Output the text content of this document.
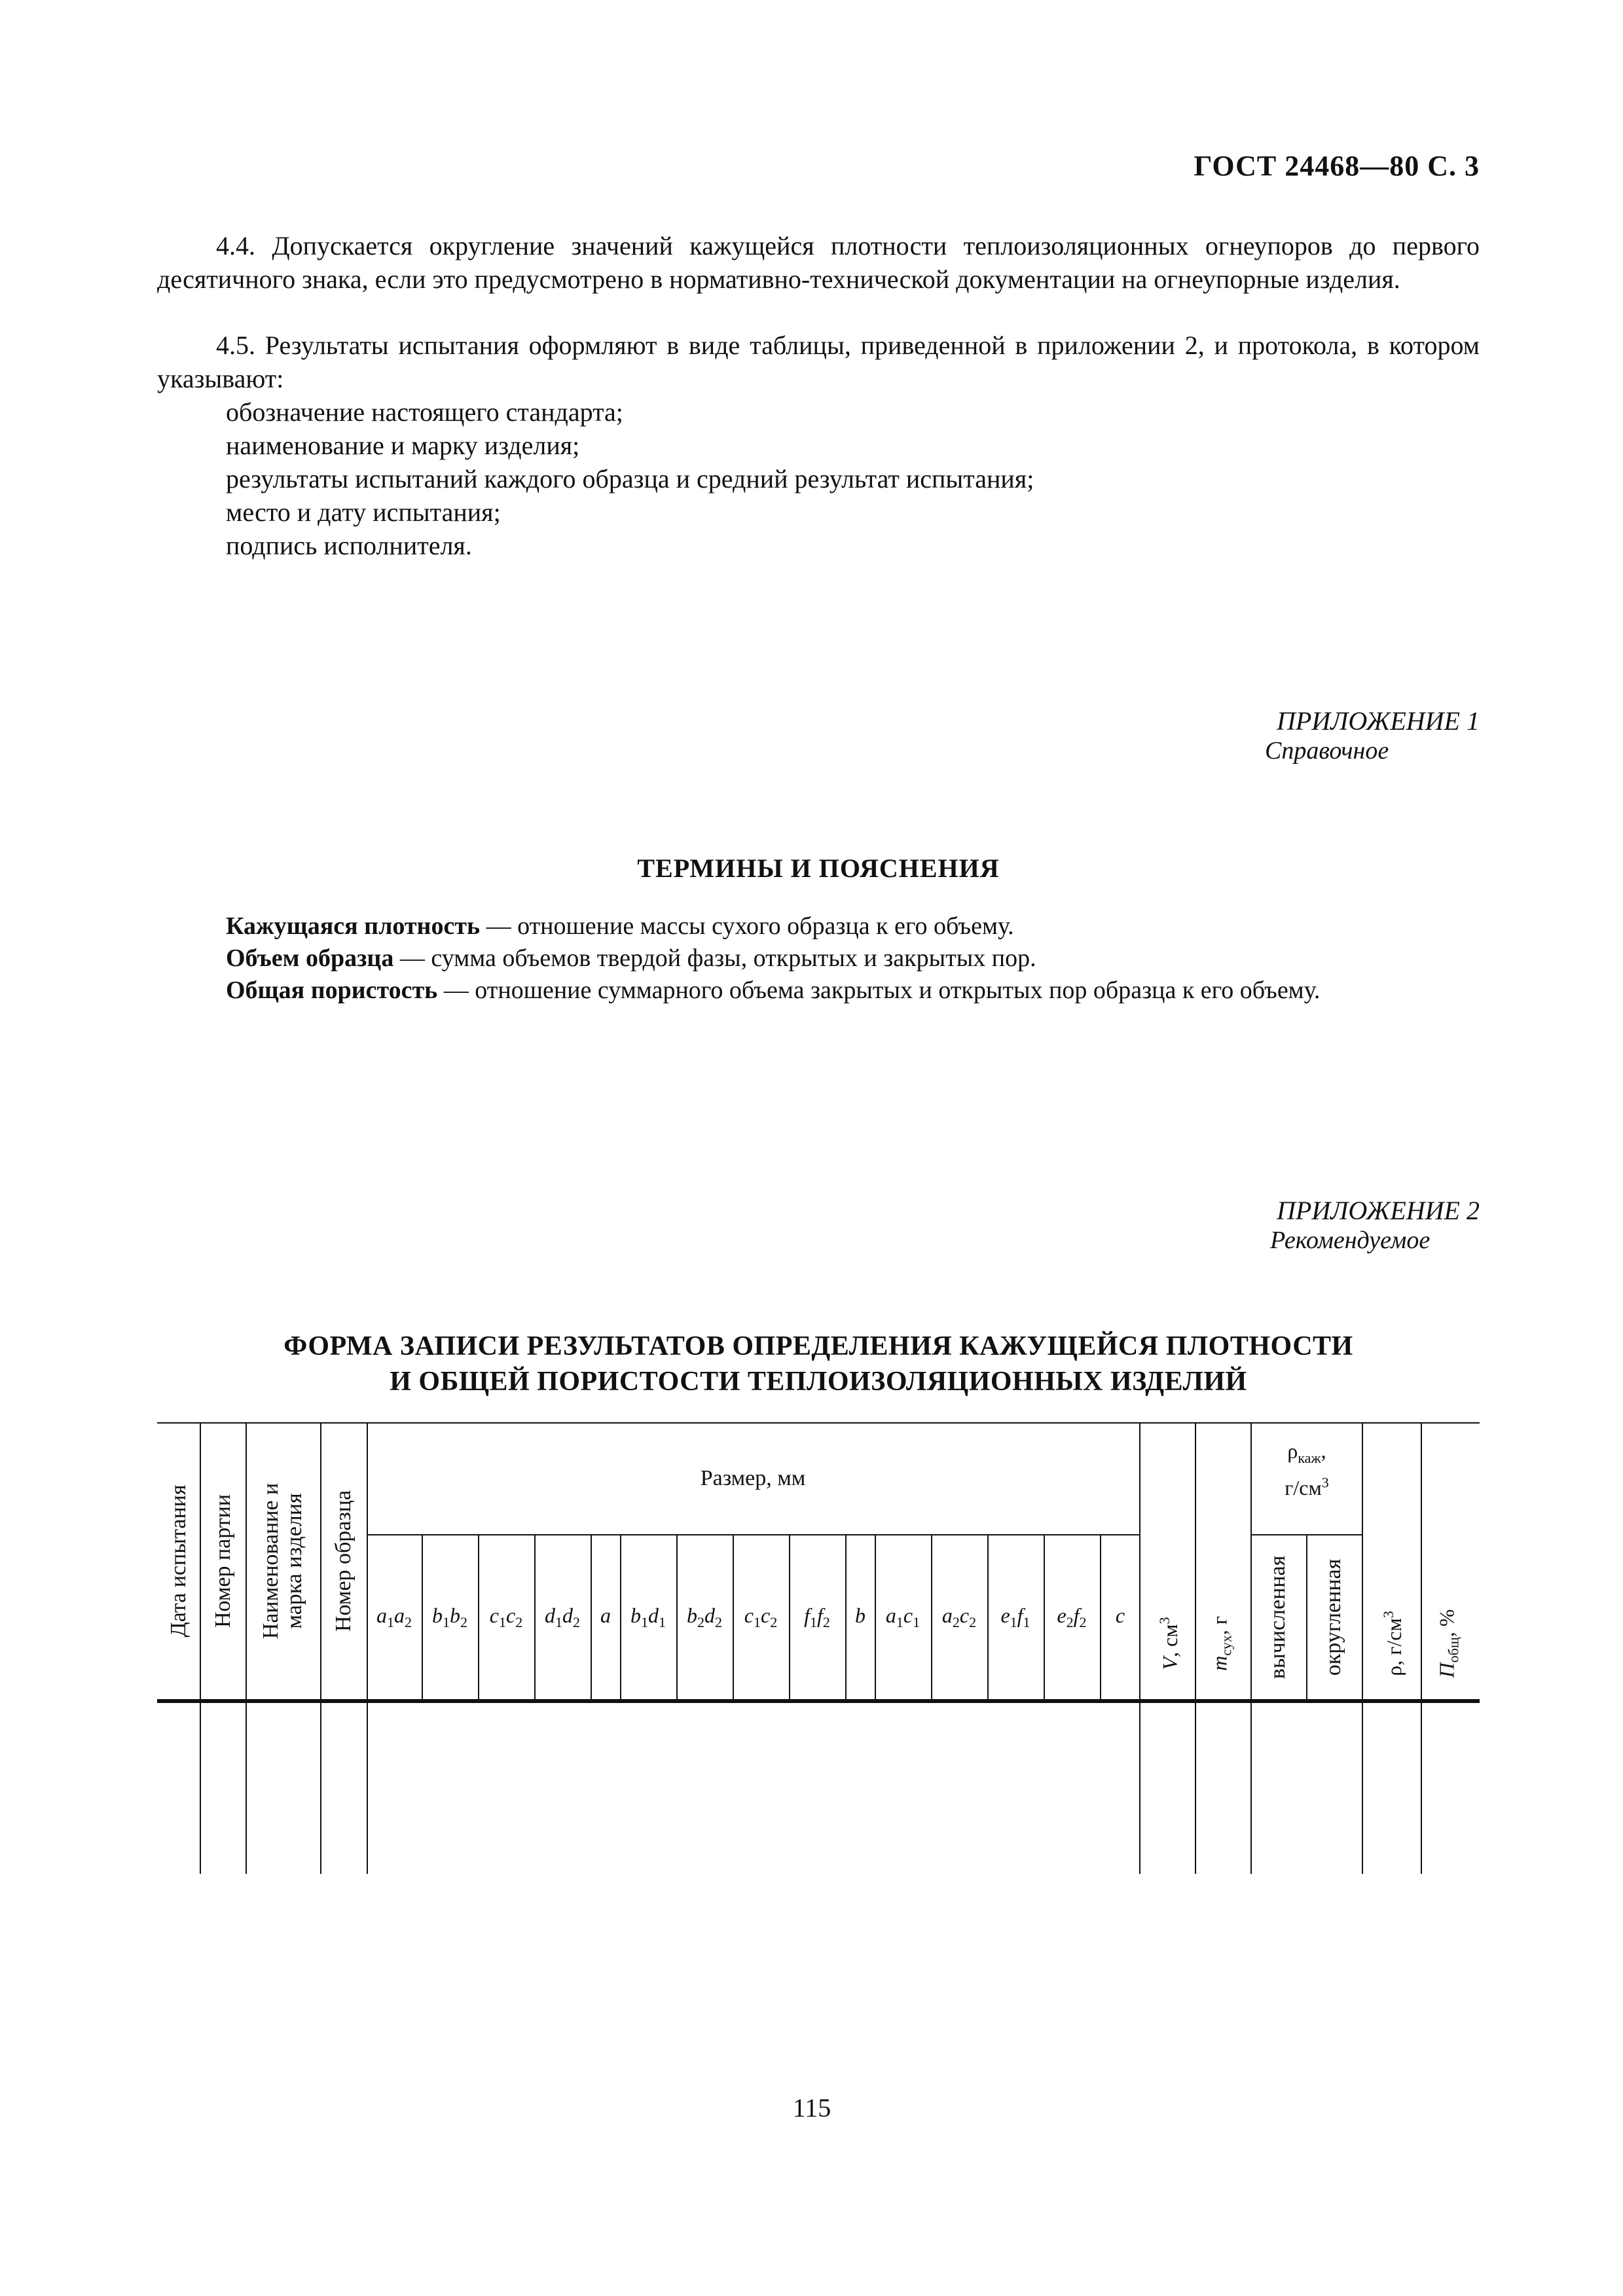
ГОСТ 24468—80 С. 3

4.4. Допускается округление значений кажущейся плотности теплоизоляционных огнеупоров до первого десятичного знака, если это предусмотрено в нормативно-технической документации на огнеупорные изделия.

4.5. Результаты испытания оформляют в виде таблицы, приведенной в приложении 2, и протокола, в котором указывают:

обозначение настоящего стандарта;
наименование и марку изделия;
результаты испытаний каждого образца и средний результат испытания;
место и дату испытания;
подпись исполнителя.
ПРИЛОЖЕНИЕ 1
Справочное
ТЕРМИНЫ И ПОЯСНЕНИЯ
Кажущаяся плотность — отношение массы сухого образца к его объему.
Объем образца — сумма объемов твердой фазы, открытых и закрытых пор.
Общая пористость — отношение суммарного объема закрытых и открытых пор образца к его объему.
ПРИЛОЖЕНИЕ 2
Рекомендуемое
ФОРМА ЗАПИСИ РЕЗУЛЬТАТОВ ОПРЕДЕЛЕНИЯ КАЖУЩЕЙСЯ ПЛОТНОСТИ
И ОБЩЕЙ ПОРИСТОСТИ ТЕПЛОИЗОЛЯЦИОННЫХ ИЗДЕЛИЙ
Дата испытания Номер партии Наименование и
марка изделия Номер образца
Размер, мм
V, $см^3$
$m_{сух}$, г
$\rho_{каж}$,
$г/см^3$
вычисленная округленная ρ, $г/см^3$
$П_{общ}$, %
$a_1a_2$ $b_1b_2$ $c_1c_2$ $d_1d_2$ a $b_1d_1$ $b_2d_2$ $c_1c_2$ $f_1f_2$ b $a_1c_1$ $a_2c_2$ $e_1f_1$ $e_2f_2$ c
115
